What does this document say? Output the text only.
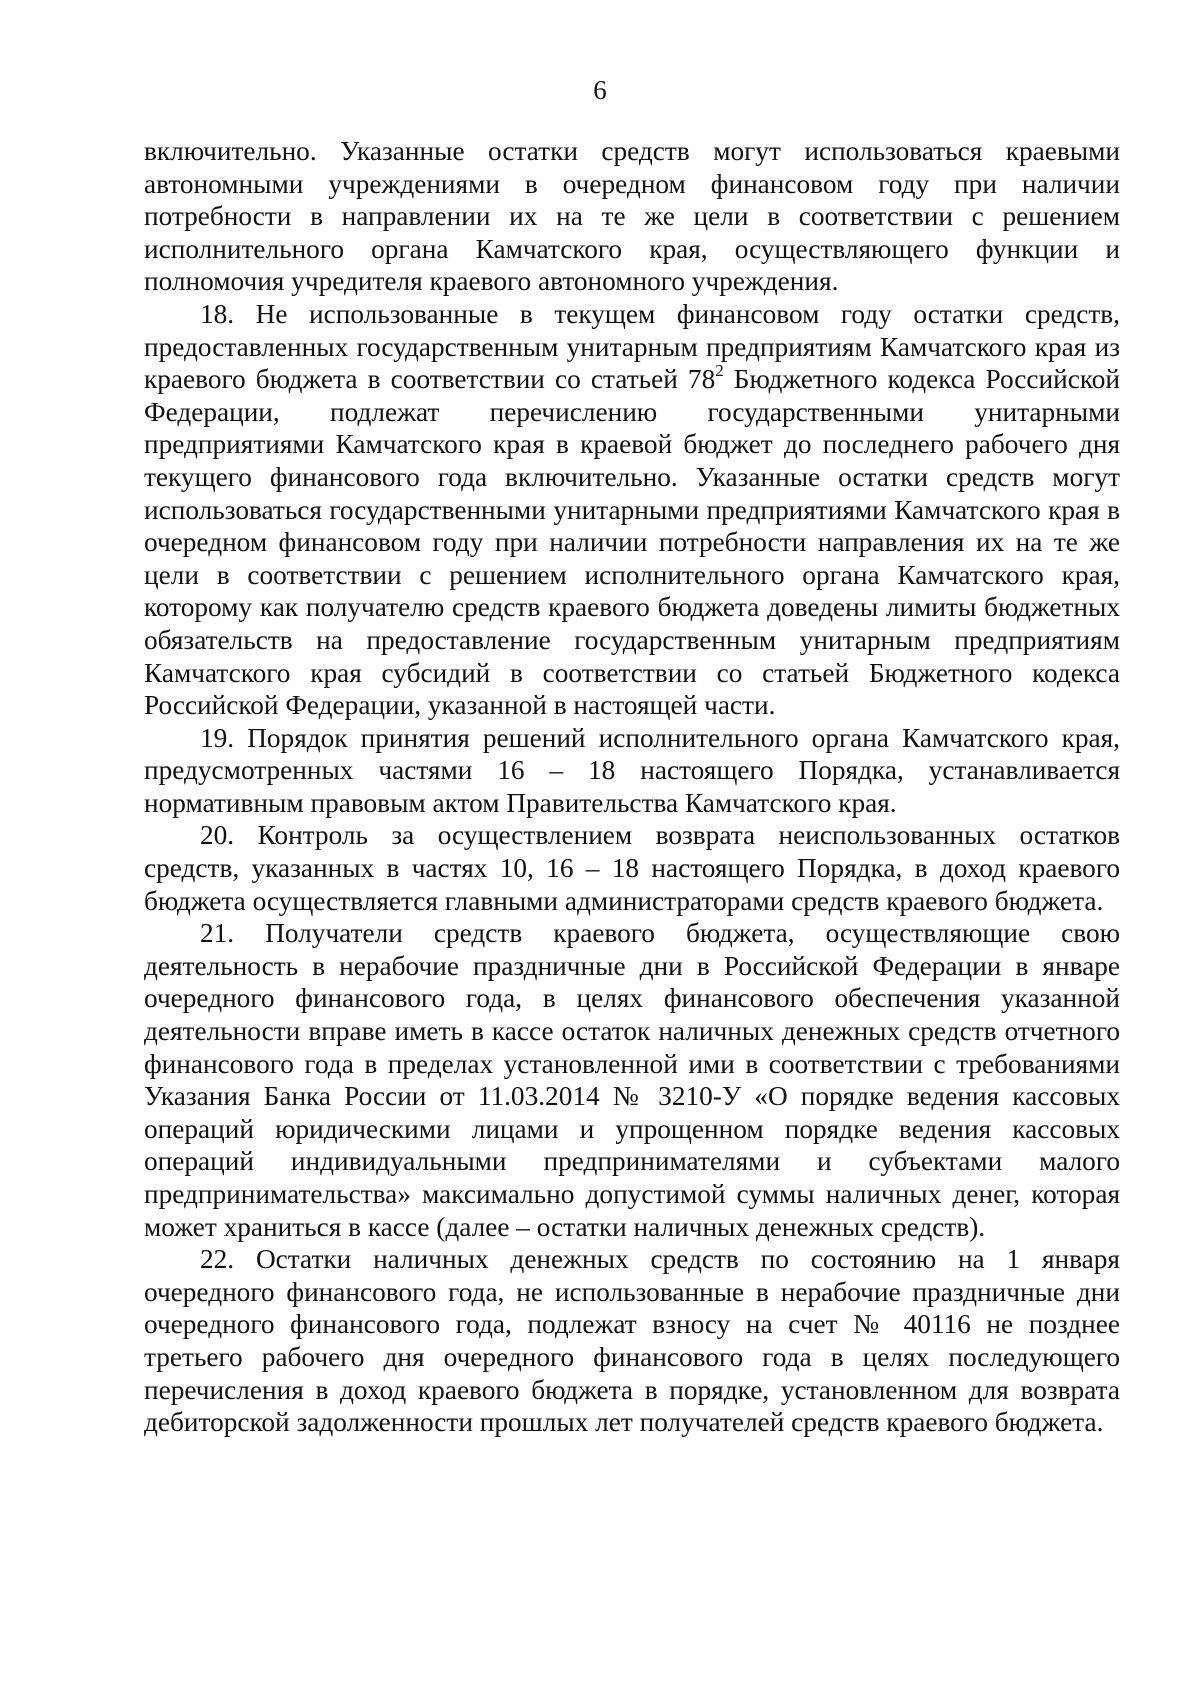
6

включительно. Указанные остатки средств могут использоваться краевыми автономными учреждениями в очередном финансовом году при наличии потребности в направлении их на те же цели в соответствии с решением исполнительного органа Камчатского края, осуществляющего функции и полномочия учредителя краевого автономного учреждения.

18. Не использованные в текущем финансовом году остатки средств, предоставленных государственным унитарным предприятиям Камчатского края из краевого бюджета в соответствии со статьей $78^2$ Бюджетного кодекса Российской Федерации, подлежат перечислению государственными унитарными предприятиями Камчатского края в краевой бюджет до последнего рабочего дня текущего финансового года включительно. Указанные остатки средств могут использоваться государственными унитарными предприятиями Камчатского края в очередном финансовом году при наличии потребности направления их на те же цели в соответствии с решением исполнительного органа Камчатского края, которому как получателю средств краевого бюджета доведены лимиты бюджетных обязательств на предоставление государственным унитарным предприятиям Камчатского края субсидий в соответствии со статьей Бюджетного кодекса Российской Федерации, указанной в настоящей части.

19. Порядок принятия решений исполнительного органа Камчатского края, предусмотренных частями 16 – 18 настоящего Порядка, устанавливается нормативным правовым актом Правительства Камчатского края.

20. Контроль за осуществлением возврата неиспользованных остатков средств, указанных в частях 10, 16 – 18 настоящего Порядка, в доход краевого бюджета осуществляется главными администраторами средств краевого бюджета.

21. Получатели средств краевого бюджета, осуществляющие свою деятельность в нерабочие праздничные дни в Российской Федерации в январе очередного финансового года, в целях финансового обеспечения указанной деятельности вправе иметь в кассе остаток наличных денежных средств отчетного финансового года в пределах установленной ими в соответствии с требованиями Указания Банка России от 11.03.2014 № 3210-У «О порядке ведения кассовых операций юридическими лицами и упрощенном порядке ведения кассовых операций индивидуальными предпринимателями и субъектами малого предпринимательства» максимально допустимой суммы наличных денег, которая может храниться в кассе (далее – остатки наличных денежных средств).

22. Остатки наличных денежных средств по состоянию на 1 января очередного финансового года, не использованные в нерабочие праздничные дни очередного финансового года, подлежат взносу на счет № 40116 не позднее третьего рабочего дня очередного финансового года в целях последующего перечисления в доход краевого бюджета в порядке, установленном для возврата дебиторской задолженности прошлых лет получателей средств краевого бюджета.
